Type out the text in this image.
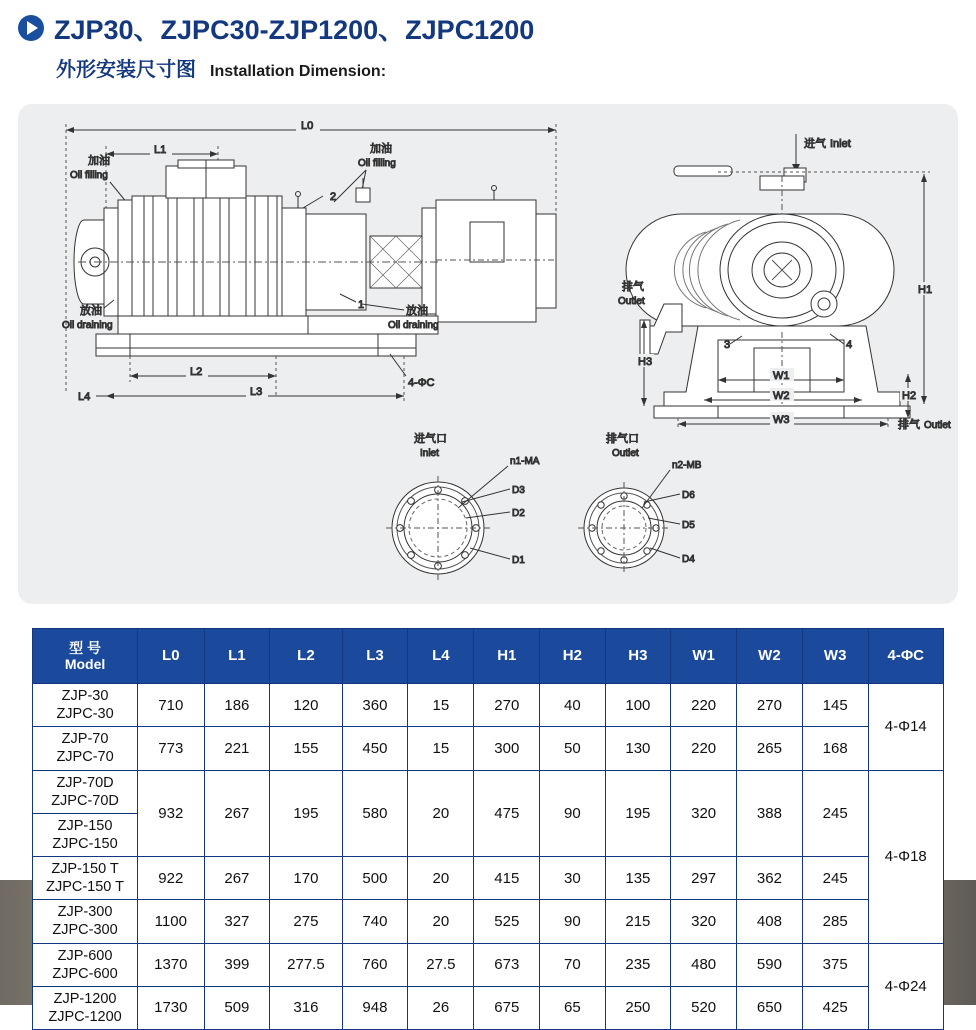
ZJP30、ZJPC30-ZJP1200、ZJPC1200
外形安装尺寸图 Installation Dimension:
L0
L1
加油
Oil filling
加油
Oil filling
2
放油
Oil draining
放油
Oil draining
1
L2
L3
L4
4-ΦC
进气 Inlet
排气
Outlet
3	4
H1
H2
H3
W1
W2
W3	排气 Outlet
进气口
Inlet
n1-MA
D3
D2
D1
排气口
Outlet
n2-MB
D6
D5
D4
型 号
Model	L0	L1	L2	L3	L4	H1	H2	H3	W1	W2	W3	4-ΦC

ZJP-30
ZJPC-30	710	186	120	360	15	270	40	100	220	270	145	4-Φ14

ZJP-70
ZJPC-70	773	221	155	450	15	300	50	130	220	265	168	

ZJP-70D
ZJPC-70D	932	267	195	580	20	475	90	195	320	388	245	4-Φ18

ZJP-150
ZJPC-150												

ZJP-150 T
ZJPC-150 T	922	267	170	500	20	415	30	135	297	362	245	

ZJP-300
ZJPC-300	1100	327	275	740	20	525	90	215	320	408	285	

ZJP-600
ZJPC-600	1370	399	277.5	760	27.5	673	70	235	480	590	375	4-Φ24

ZJP-1200
ZJPC-1200	1730	509	316	948	26	675	65	250	520	650	425	
